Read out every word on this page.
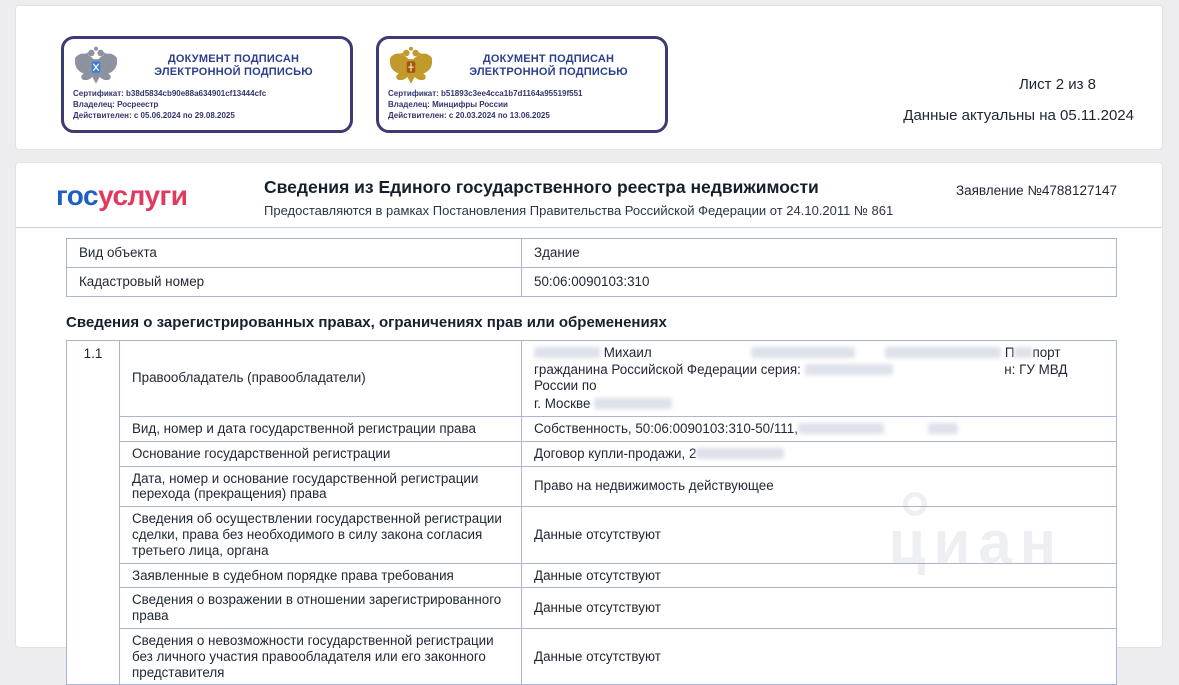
ДОКУМЕНТ ПОДПИСАН ЭЛЕКТРОННОЙ ПОДПИСЬЮ
Сертификат: b38d5834cb90e88a634901cf13444cfc
Владелец: Росреестр
Действителен: с 05.06.2024 по 29.08.2025
ДОКУМЕНТ ПОДПИСАН ЭЛЕКТРОННОЙ ПОДПИСЬЮ
Сертификат: b51893c3ee4cca1b7d1164a95519f551
Владелец: Минцифры России
Действителен: с 20.03.2024 по 13.06.2025
Лист 2 из 8
Данные актуальны на 05.11.2024
госуслуги	Сведения из Единого государственного реестра недвижимости
Предоставляются в рамках Постановления Правительства Российской Федерации от 24.10.2011 № 861
Заявление №4788127147
Вид объекта	Здание
Кадастровый номер	50:06:0090103:310
Сведения о зарегистрированных правах, ограничениях прав или обременениях
1.1	Правообладатель (правообладатели)	Михаил П порт
гражданина Российской Федерации серия: н: ГУ МВД России по
г. Москве

	Вид, номер и дата государственной регистрации права	Собственность, 50:06:0090103:310-50/111,
	Основание государственной регистрации	Договор купли-продажи, 2
	Дата, номер и основание государственной регистрации перехода (прекращения) права	Право на недвижимость действующее
	Сведения об осуществлении государственной регистрации сделки, права без необходимого в силу закона согласия третьего лица, органа	Данные отсутствуют
	Заявленные в судебном порядке права требования	Данные отсутствуют
	Сведения о возражении в отношении зарегистрированного права	Данные отсутствуют
	Сведения о невозможности государственной регистрации без личного участия правообладателя или его законного представителя	Данные отсутствуют
